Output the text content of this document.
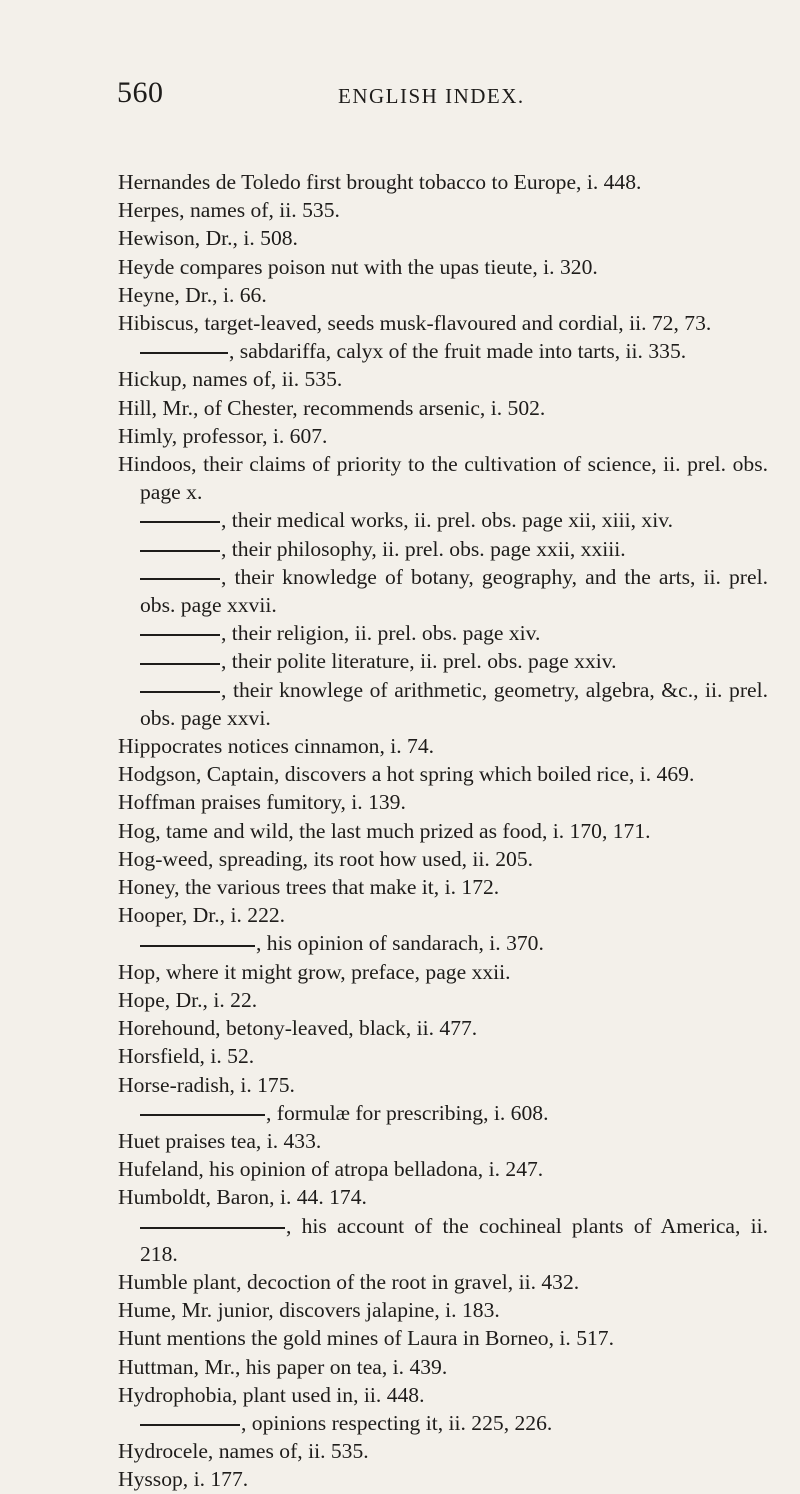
560	ENGLISH INDEX.

Hernandes de Toledo first brought tobacco to Europe, i. 448.

Herpes, names of, ii. 535.

Hewison, Dr., i. 508.

Heyde compares poison nut with the upas tieute, i. 320.

Heyne, Dr., i. 66.

Hibiscus, target-leaved, seeds musk-flavoured and cordial, ii. 72, 73.

, sabdariffa, calyx of the fruit made into tarts, ii. 335.

Hickup, names of, ii. 535.

Hill, Mr., of Chester, recommends arsenic, i. 502.

Himly, professor, i. 607.

Hindoos, their claims of priority to the cultivation of science, ii. prel. obs. page x.

, their medical works, ii. prel. obs. page xii, xiii, xiv.

, their philosophy, ii. prel. obs. page xxii, xxiii.

, their knowledge of botany, geography, and the arts, ii. prel. obs. page xxvii.

, their religion, ii. prel. obs. page xiv.

, their polite literature, ii. prel. obs. page xxiv.

, their knowlege of arithmetic, geometry, algebra, &c., ii. prel. obs. page xxvi.

Hippocrates notices cinnamon, i. 74.

Hodgson, Captain, discovers a hot spring which boiled rice, i. 469.

Hoffman praises fumitory, i. 139.

Hog, tame and wild, the last much prized as food, i. 170, 171.

Hog-weed, spreading, its root how used, ii. 205.

Honey, the various trees that make it, i. 172.

Hooper, Dr., i. 222.

, his opinion of sandarach, i. 370.

Hop, where it might grow, preface, page xxii.

Hope, Dr., i. 22.

Horehound, betony-leaved, black, ii. 477.

Horsfield, i. 52.

Horse-radish, i. 175.

, formulæ for prescribing, i. 608.

Huet praises tea, i. 433.

Hufeland, his opinion of atropa belladona, i. 247.

Humboldt, Baron, i. 44. 174.

, his account of the cochineal plants of America, ii. 218.

Humble plant, decoction of the root in gravel, ii. 432.

Hume, Mr. junior, discovers jalapine, i. 183.

Hunt mentions the gold mines of Laura in Borneo, i. 517.

Huttman, Mr., his paper on tea, i. 439.

Hydrophobia, plant used in, ii. 448.

, opinions respecting it, ii. 225, 226.

Hydrocele, names of, ii. 535.

Hyssop, i. 177.
